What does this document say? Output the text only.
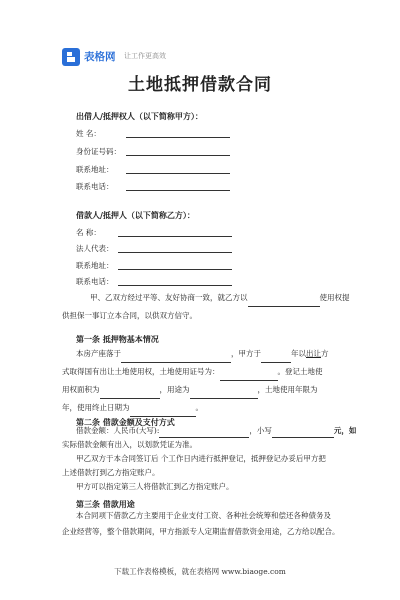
表格网 让工作更高效
土地抵押借款合同
出借人/抵押权人（以下简称甲方）：
姓 名：
身份证号码：
联系地址：
联系电话：
借款人/抵押人（以下简称乙方）：
名 称：
法人代表：
联系地址：
联系电话：
甲、乙双方经过平等、友好协商一致，就乙方以	使用权提
供担保一事订立本合同，以供双方信守。
第一条 抵押物基本情况
本房产座落于	，甲方于	年以出让方
式取得国有出让土地使用权，土地使用证号为：	。登记土地使
用权面积为	，用途为	，土地使用年限为
年，使用终止日期为	。
第二条 借款金额及支付方式
借款金额：人民币(大写):	，小写	元，如
实际借款金额有出入，以划款凭证为准。
甲乙双方于本合同签订后 个工作日内进行抵押登记，抵押登记办妥后甲方把
上述借款打到乙方指定账户。
甲方可以指定第三人将借款汇到乙方指定账户。
第三条 借款用途
本合同项下借款乙方主要用于企业支付工资、各种社会统筹和偿还各种债务及
企业经营等，整个借款期间，甲方指派专人定期监督借款资金用途，乙方给以配合。
下载工作表格模板，就在表格网 www.biaoge.com
